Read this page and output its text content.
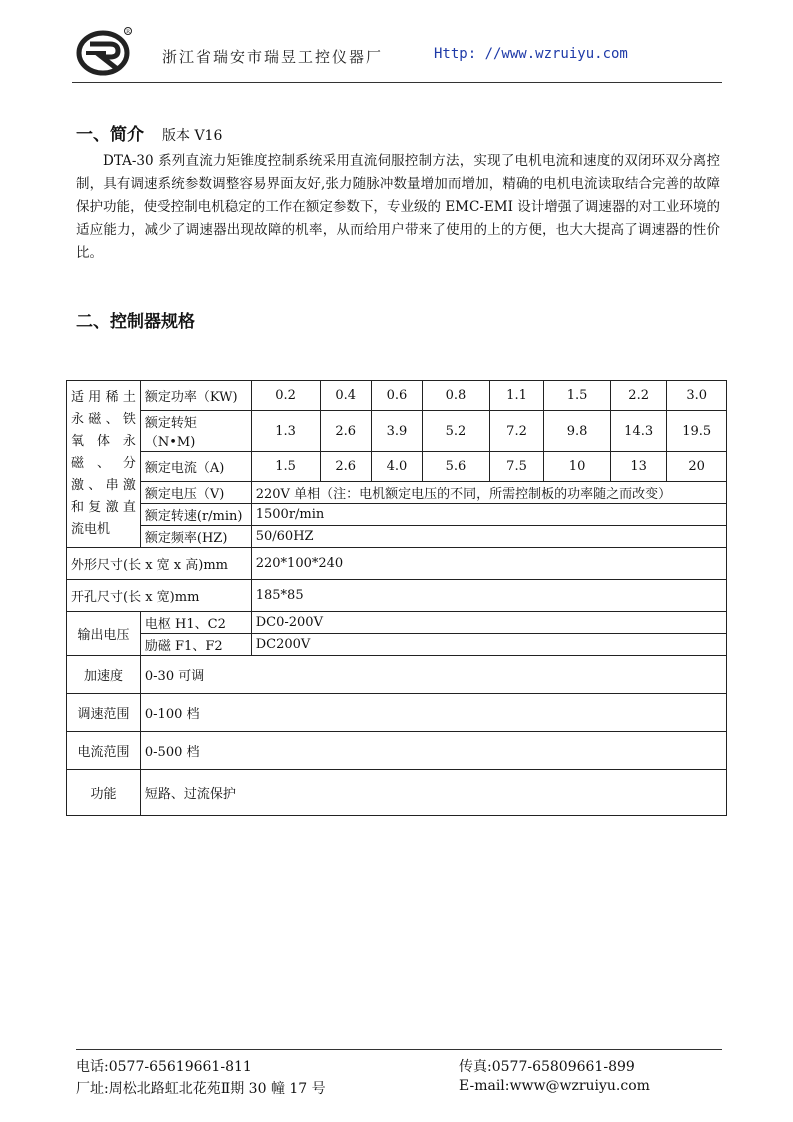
R
浙江省瑞安市瑞昱工控仪器厂	Http: //www.wzruiyu.com
一、简介 版本 V16
DTA-30 系列直流力矩锥度控制系统采用直流伺服控制方法，实现了电机电流和速度的双闭环双分离控制，具有调速系统参数调整容易界面友好,张力随脉冲数量增加而增加，精确的电机电流读取结合完善的故障保护功能，使受控制电机稳定的工作在额定参数下，专业级的 EMC-EMI 设计增强了调速器的对工业环境的适应能力，减少了调速器出现故障的机率，从而给用户带来了使用的上的方便，也大大提高了调速器的性价比。
二、控制器规格
适用稀土永磁、铁氧体永磁、分激、串激和复激直流电机	额定功率（KW)	0.2	0.4	0.6	0.8	1.1	1.5	2.2	3.0
	额定转矩（N•M)	1.3	2.6	3.9	5.2	7.2	9.8	14.3	19.5
	额定电流（A)	1.5	2.6	4.0	5.6	7.5	10	13	20
	额定电压（V)	220V 单相（注：电机额定电压的不同，所需控制板的功率随之而改变）							
	额定转速(r/min)	1500r/min							
	额定频率(HZ)	50/60HZ							
外形尺寸(长 x 宽 x 高)mm		220*100*240							
开孔尺寸(长 x 宽)mm		185*85							
输出电压	电枢 H1、C2	DC0-200V							
	励磁 F1、F2	DC200V							
加速度	0-30 可调								
调速范围	0-100 档								
电流范围	0-500 档								
功能	短路、过流保护								
电话:0577-65619661-811	传真:0577-65809661-899
厂址:周松北路虹北花苑Ⅱ期 30 幢 17 号	E-mail:www@wzruiyu.com
